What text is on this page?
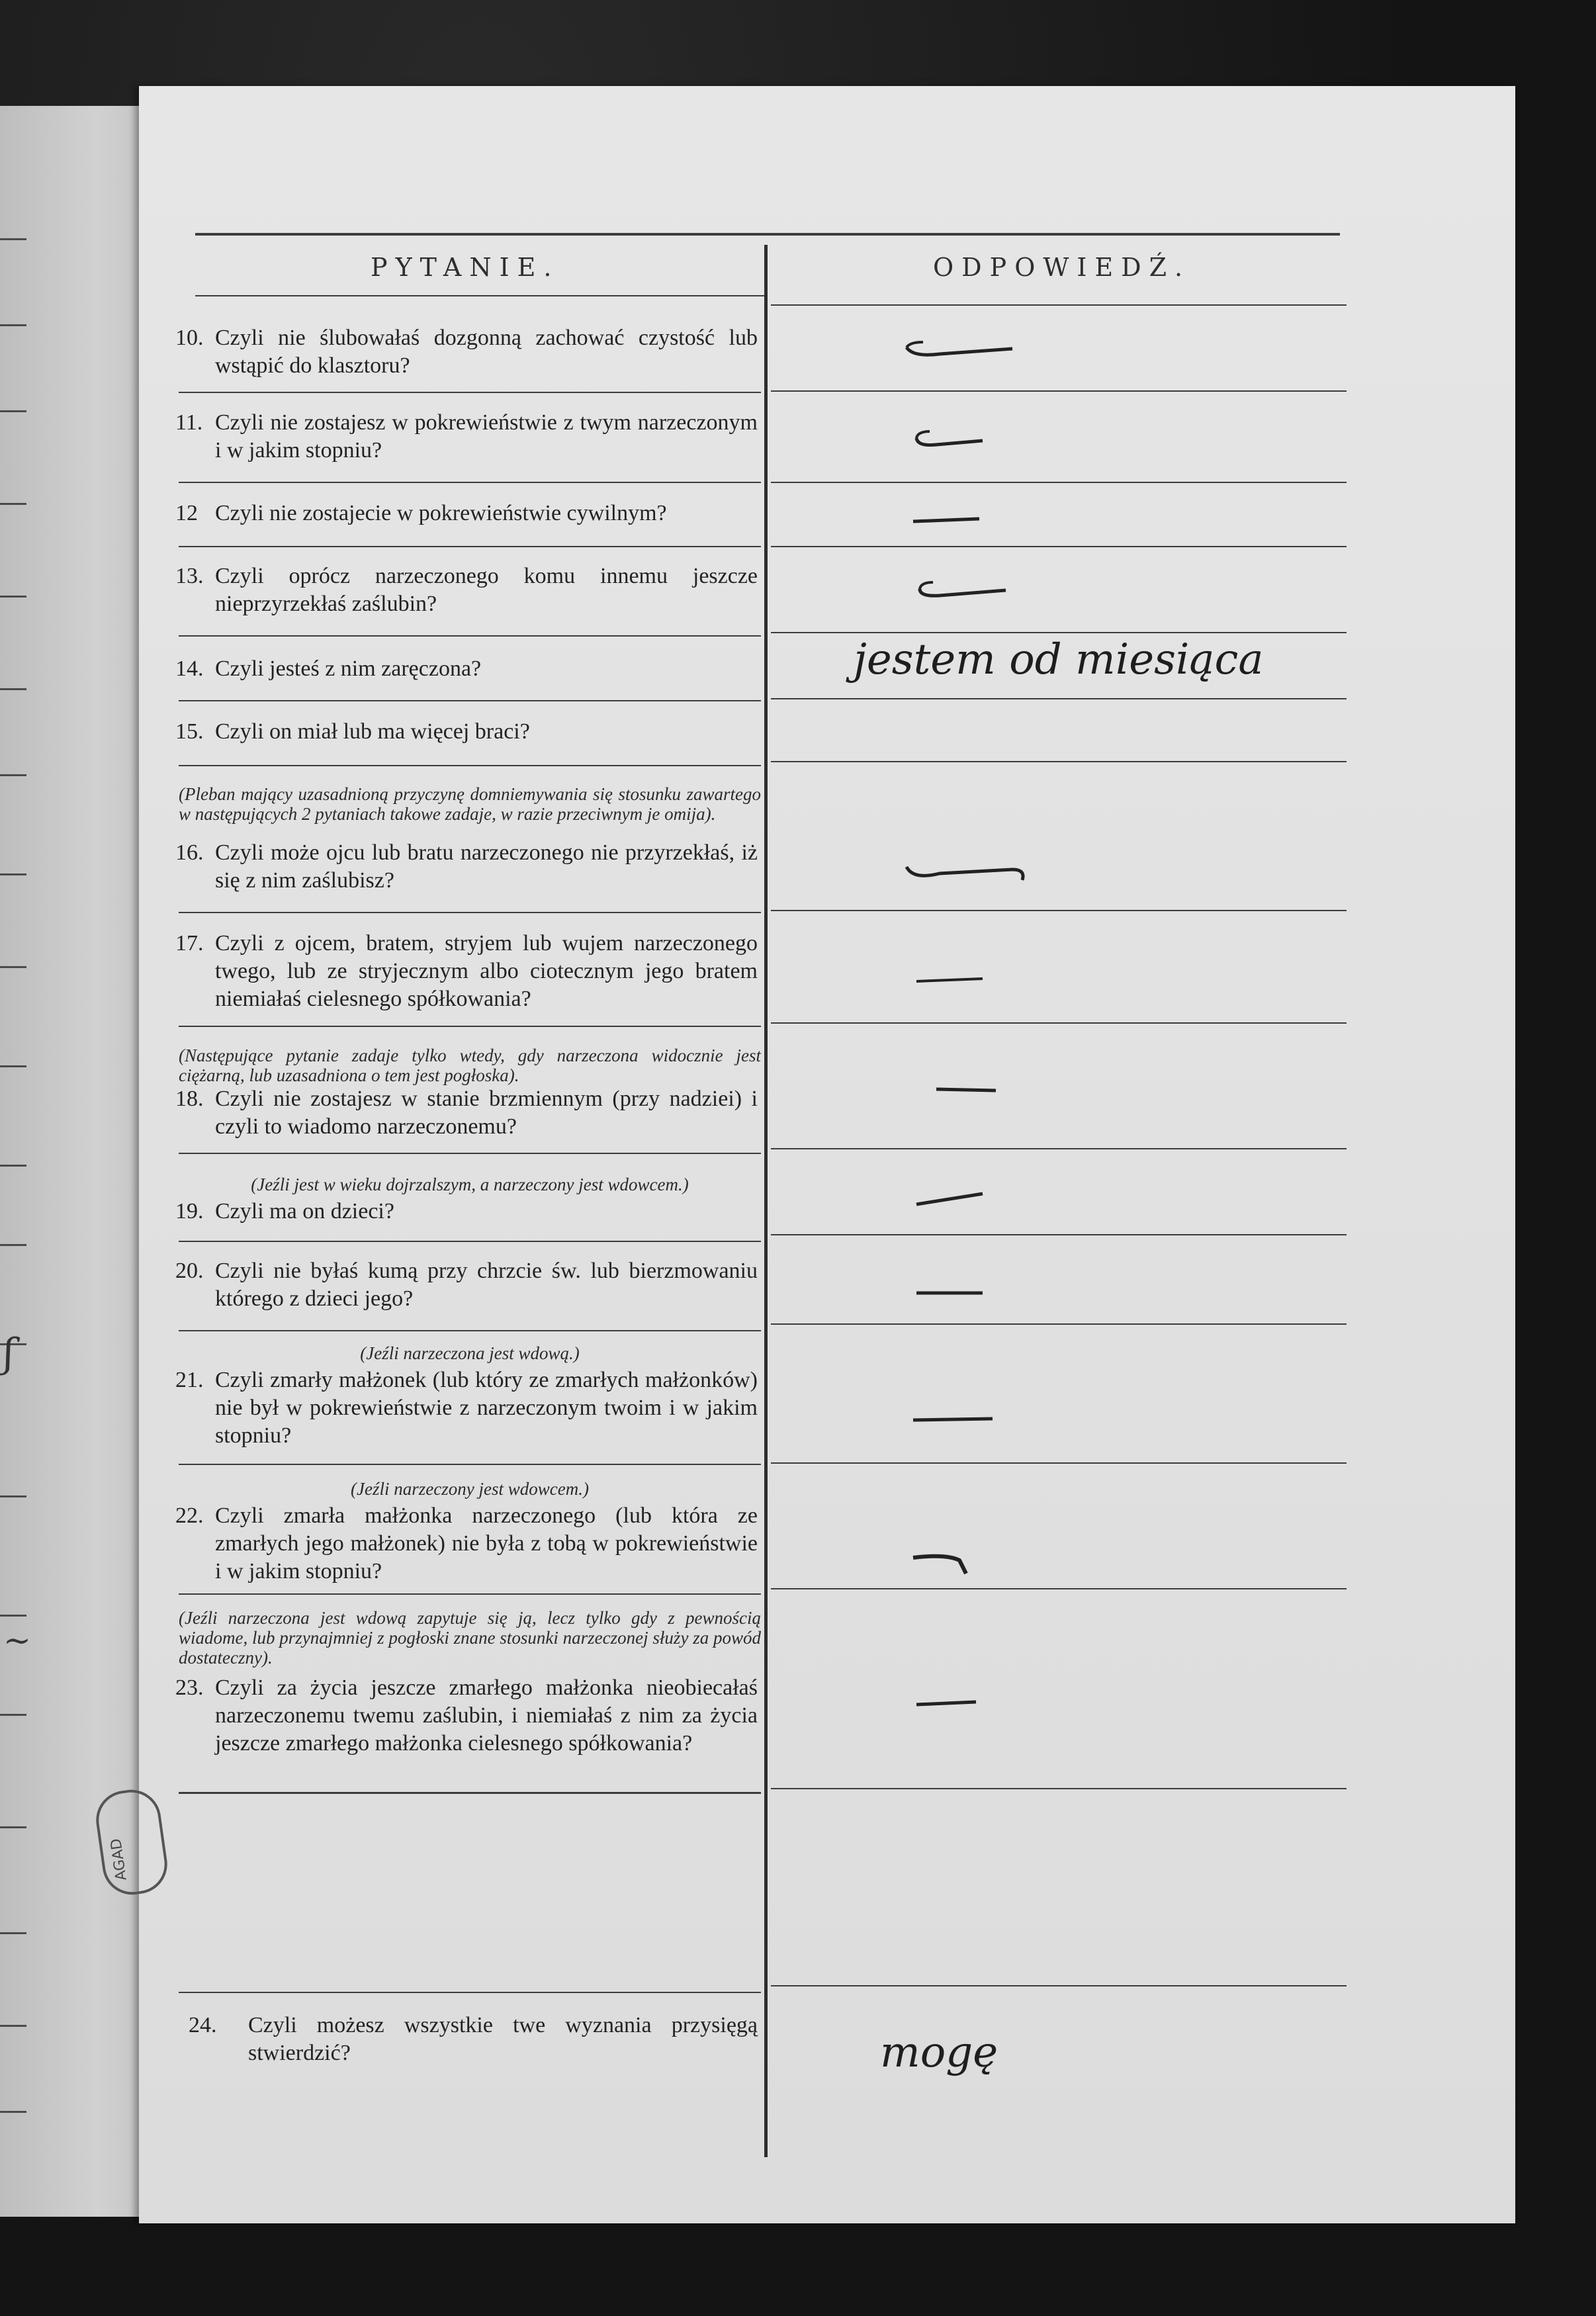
PYTANIE.	ODPOWIEDŹ.
10. Czyli nie ślubowałaś dozgonną zachować czystość lub wstąpić do klasztoru?
11. Czyli nie zostajesz w pokrewieństwie z twym narzeczonym i w jakim stopniu?
12 Czyli nie zostajecie w pokrewieństwie cywilnym?
13. Czyli oprócz narzeczonego komu innemu jeszcze nieprzyrzekłaś zaślubin?
14. Czyli jesteś z nim zaręczona?
15. Czyli on miał lub ma więcej braci?
(Pleban mający uzasadnioną przyczynę domniemywania się stosunku zawartego w następujących 2 pytaniach takowe zadaje, w razie przeciwnym je omija).
16. Czyli może ojcu lub bratu narzeczonego nie przyrzekłaś, iż się z nim zaślubisz?
17. Czyli z ojcem, bratem, stryjem lub wujem narzeczonego twego, lub ze stryjecznym albo ciotecznym jego bratem niemiałaś cielesnego spółkowania?
(Następujące pytanie zadaje tylko wtedy, gdy narzeczona widocznie jest ciężarną, lub uzasadniona o tem jest pogłoska).
18. Czyli nie zostajesz w stanie brzmiennym (przy nadziei) i czyli to wiadomo narzeczonemu?
(Jeźli jest w wieku dojrzalszym, a narzeczony jest wdowcem.)
19. Czyli ma on dzieci?
20. Czyli nie byłaś kumą przy chrzcie św. lub bierzmowaniu którego z dzieci jego?
(Jeźli narzeczona jest wdową.)
21. Czyli zmarły małżonek (lub który ze zmarłych małżonków) nie był w pokrewieństwie z narzeczonym twoim i w jakim stopniu?
(Jeźli narzeczony jest wdowcem.)
22. Czyli zmarła małżonka narzeczonego (lub która ze zmarłych jego małżonek) nie była z tobą w pokrewieństwie i w jakim stopniu?
(Jeźli narzeczona jest wdową zapytuje się ją, lecz tylko gdy z pewnością wiadome, lub przynajmniej z pogłoski znane stosunki narzeczonej służy za powód dostateczny).
23. Czyli za życia jeszcze zmarłego małżonka nieobiecałaś narzeczonemu twemu zaślubin, i niemiałaś z nim za życia jeszcze zmarłego małżonka cielesnego spółkowania?
24.	Czyli możesz wszystkie twe wyznania przysięgą stwierdzić?
jestem od miesiąca
mogę
AGAD
ʃ
~
